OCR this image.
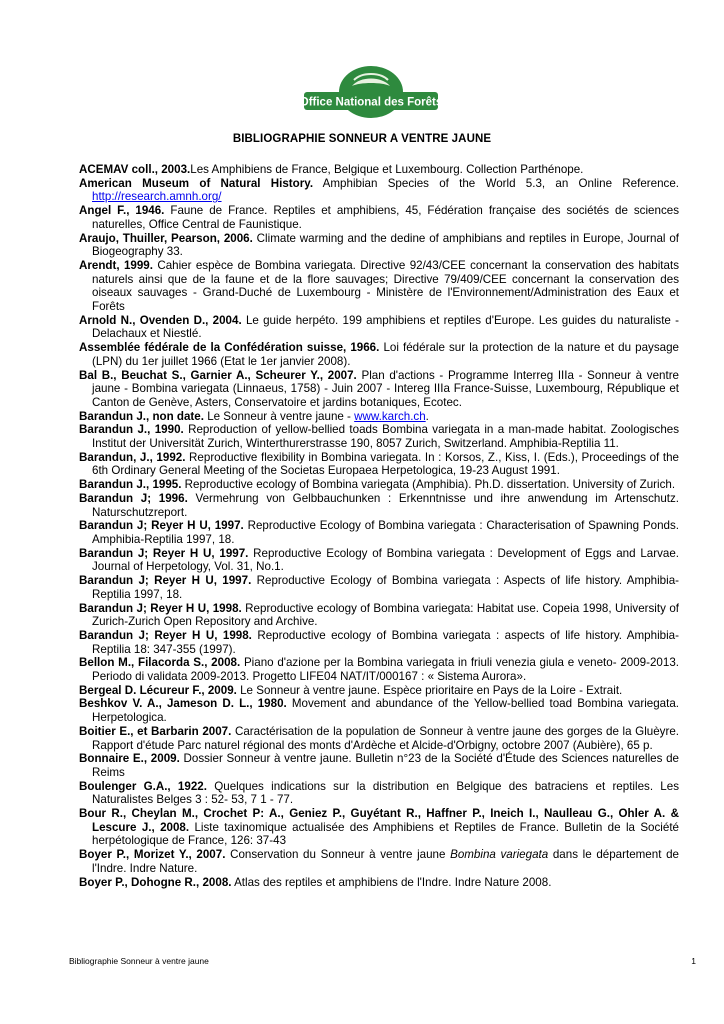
Office National des Forêts
BIBLIOGRAPHIE SONNEUR A VENTRE JAUNE

ACEMAV coll., 2003.Les Amphibiens de France, Belgique et Luxembourg. Collection Parthénope.

American Museum of Natural History. Amphibian Species of the World 5.3, an Online Reference. http://research.amnh.org/

Angel F., 1946. Faune de France. Reptiles et amphibiens, 45, Fédération française des sociétés de sciences naturelles, Office Central de Faunistique.

Araujo, Thuiller, Pearson, 2006. Climate warming and the dedine of amphibians and reptiles in Europe, Journal of Biogeography 33.

Arendt, 1999. Cahier espèce de Bombina variegata. Directive 92/43/CEE concernant la conservation des habitats naturels ainsi que de la faune et de la flore sauvages; Directive 79/409/CEE concernant la conservation des oiseaux sauvages - Grand-Duché de Luxembourg - Ministère de l'Environnement/Administration des Eaux et Forêts

Arnold N., Ovenden D., 2004. Le guide herpéto. 199 amphibiens et reptiles d'Europe. Les guides du naturaliste - Delachaux et Niestlé.

Assemblée fédérale de la Confédération suisse, 1966. Loi fédérale sur la protection de la nature et du paysage (LPN) du 1er juillet 1966 (Etat le 1er janvier 2008).

Bal B., Beuchat S., Garnier A., Scheurer Y., 2007. Plan d'actions - Programme Interreg IIIa - Sonneur à ventre jaune - Bombina variegata (Linnaeus, 1758) - Juin 2007 - Intereg IIIa France-Suisse, Luxembourg, République et Canton de Genève, Asters, Conservatoire et jardins botaniques, Ecotec.

Barandun J., non date. Le Sonneur à ventre jaune - www.karch.ch.

Barandun J., 1990. Reproduction of yellow-bellied toads Bombina variegata in a man-made habitat. Zoologisches Institut der Universität Zurich, Winterthurerstrasse 190, 8057 Zurich, Switzerland. Amphibia-Reptilia 11.

Barandun, J., 1992. Reproductive flexibility in Bombina variegata. In : Korsos, Z., Kiss, I. (Eds.), Proceedings of the 6th Ordinary General Meeting of the Societas Europaea Herpetologica, 19-23 August 1991.

Barandun J., 1995. Reproductive ecology of Bombina variegata (Amphibia). Ph.D. dissertation. University of Zurich.

Barandun J; 1996. Vermehrung von Gelbbauchunken : Erkenntnisse und ihre anwendung im Artenschutz. Naturschutzreport.

Barandun J; Reyer H U, 1997. Reproductive Ecology of Bombina variegata : Characterisation of Spawning Ponds. Amphibia-Reptilia 1997, 18.

Barandun J; Reyer H U, 1997. Reproductive Ecology of Bombina variegata : Development of Eggs and Larvae. Journal of Herpetology, Vol. 31, No.1.

Barandun J; Reyer H U, 1997. Reproductive Ecology of Bombina variegata : Aspects of life history. Amphibia-Reptilia 1997, 18.

Barandun J; Reyer H U, 1998. Reproductive ecology of Bombina variegata: Habitat use. Copeia 1998, University of Zurich-Zurich Open Repository and Archive.

Barandun J; Reyer H U, 1998. Reproductive ecology of Bombina variegata : aspects of life history. Amphibia-Reptilia 18: 347-355 (1997).

Bellon M., Filacorda S., 2008. Piano d'azione per la Bombina variegata in friuli venezia giula e veneto- 2009-2013. Periodo di validata 2009-2013. Progetto LIFE04 NAT/IT/000167 : « Sistema Aurora».

Bergeal D. Lécureur F., 2009. Le Sonneur à ventre jaune. Espèce prioritaire en Pays de la Loire - Extrait.

Beshkov V. A., Jameson D. L., 1980. Movement and abundance of the Yellow-bellied toad Bombina variegata. Herpetologica.

Boitier E., et Barbarin 2007. Caractérisation de la population de Sonneur à ventre jaune des gorges de la Gluèyre. Rapport d'étude Parc naturel régional des monts d'Ardèche et Alcide-d'Orbigny, octobre 2007 (Aubière), 65 p.

Bonnaire E., 2009. Dossier Sonneur à ventre jaune. Bulletin n°23 de la Société d'Étude des Sciences naturelles de Reims

Boulenger G.A., 1922. Quelques indications sur la distribution en Belgique des batraciens et reptiles. Les Naturalistes Belges 3 : 52- 53, 7 1 - 77.

Bour R., Cheylan M., Crochet P: A., Geniez P., Guyétant R., Haffner P., Ineich I., Naulleau G., Ohler A. & Lescure J., 2008. Liste taxinomique actualisée des Amphibiens et Reptiles de France. Bulletin de la Société herpétologique de France, 126: 37-43

Boyer P., Morizet Y., 2007. Conservation du Sonneur à ventre jaune Bombina variegata dans le département de l'Indre. Indre Nature.

Boyer P., Dohogne R., 2008. Atlas des reptiles et amphibiens de l'Indre. Indre Nature 2008.

Bibliographie Sonneur à ventre jaune	1
